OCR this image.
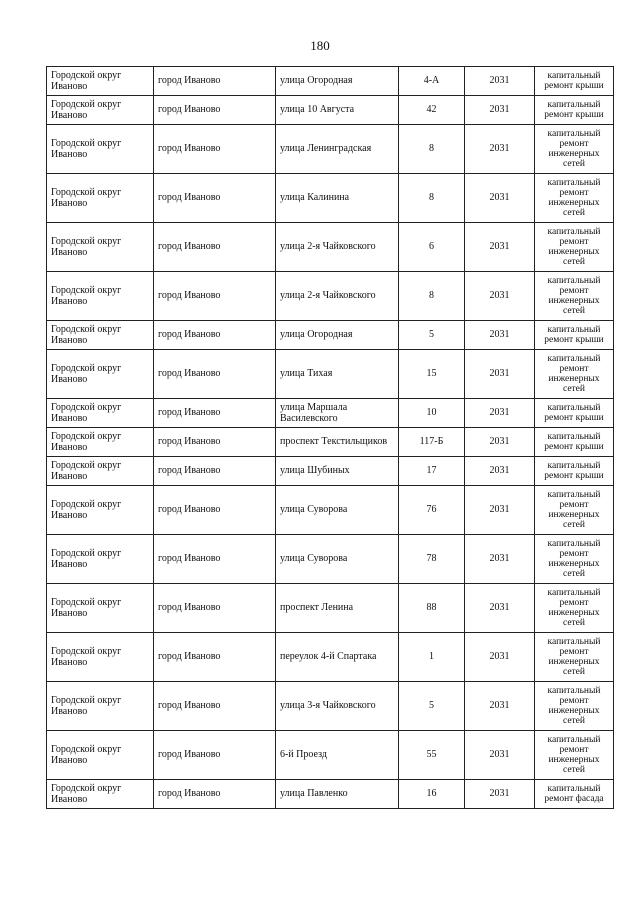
180
Городской округ Иваново	город Иваново	улица Огородная	4-А	2031	капитальный ремонт крыши
Городской округ Иваново	город Иваново	улица 10 Августа	42	2031	капитальный ремонт крыши
Городской округ Иваново	город Иваново	улица Ленинградская	8	2031	капитальный ремонт инженерных сетей
Городской округ Иваново	город Иваново	улица Калинина	8	2031	капитальный ремонт инженерных сетей
Городской округ Иваново	город Иваново	улица 2-я Чайковского	6	2031	капитальный ремонт инженерных сетей
Городской округ Иваново	город Иваново	улица 2-я Чайковского	8	2031	капитальный ремонт инженерных сетей
Городской округ Иваново	город Иваново	улица Огородная	5	2031	капитальный ремонт крыши
Городской округ Иваново	город Иваново	улица Тихая	15	2031	капитальный ремонт инженерных сетей
Городской округ Иваново	город Иваново	улица Маршала Василевского	10	2031	капитальный ремонт крыши
Городской округ Иваново	город Иваново	проспект Текстильщиков	117-Б	2031	капитальный ремонт крыши
Городской округ Иваново	город Иваново	улица Шубиных	17	2031	капитальный ремонт крыши
Городской округ Иваново	город Иваново	улица Суворова	76	2031	капитальный ремонт инженерных сетей
Городской округ Иваново	город Иваново	улица Суворова	78	2031	капитальный ремонт инженерных сетей
Городской округ Иваново	город Иваново	проспект Ленина	88	2031	капитальный ремонт инженерных сетей
Городской округ Иваново	город Иваново	переулок 4-й Спартака	1	2031	капитальный ремонт инженерных сетей
Городской округ Иваново	город Иваново	улица 3-я Чайковского	5	2031	капитальный ремонт инженерных сетей
Городской округ Иваново	город Иваново	6-й Проезд	55	2031	капитальный ремонт инженерных сетей
Городской округ Иваново	город Иваново	улица Павленко	16	2031	капитальный ремонт фасада
